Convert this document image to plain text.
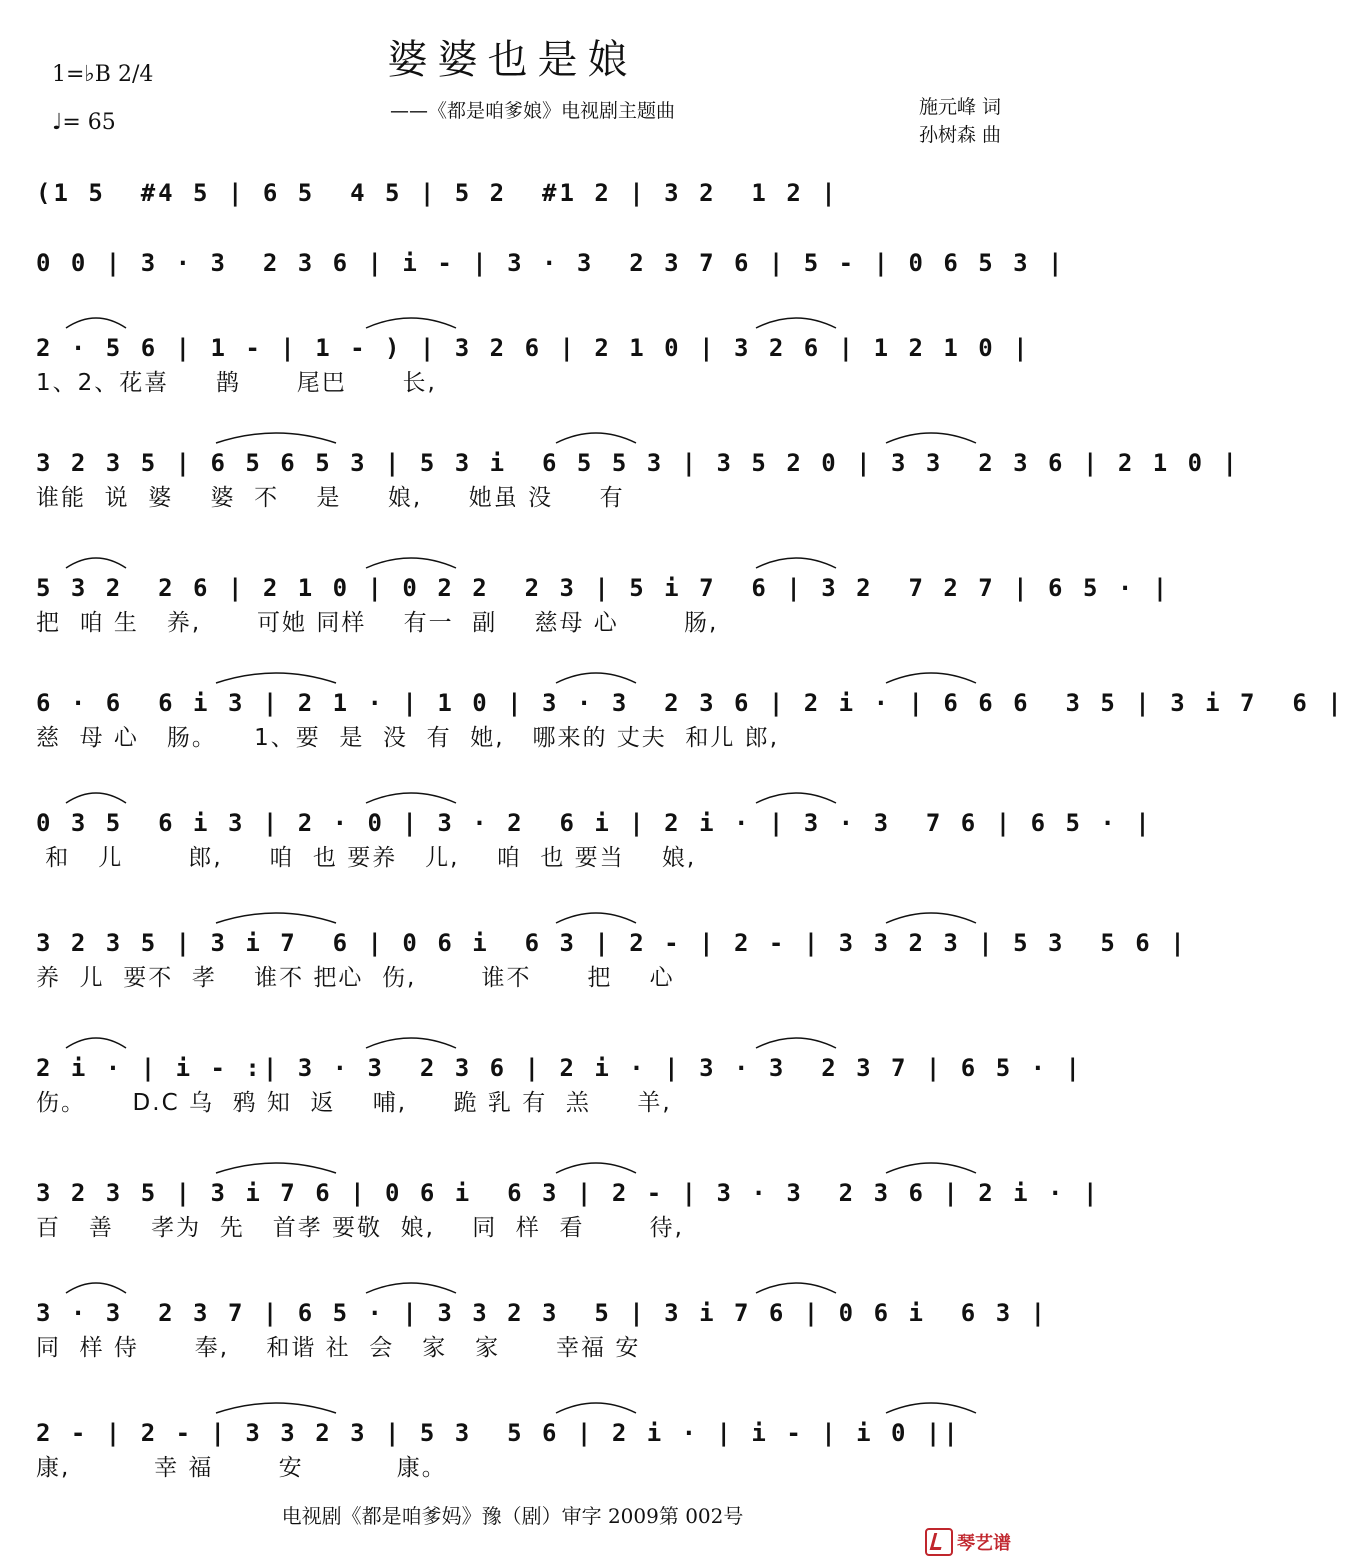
婆婆也是娘
1=♭B 2/4
♩= 65	——《都是咱爹娘》电视剧主题曲	施元峰 词
孙树森 曲
(1 5  #4 5 | 6 5  4 5 | 5 2  #1 2 | 3 2  1 2 |
0 0 | 3 · 3  2 3 6 | i - | 3 · 3  2 3 7 6 | 5 - | 0 6 5 3 |
2 · 5 6 | 1 - | 1 - ) | 3 2 6 | 2 1 0 | 3 2 6 | 1 2 1 0 |
1、2、花喜     鹊      尾巴      长,
3 2 3 5 | 6 5 6 5 3 | 5 3 i  6 5 5 3 | 3 5 2 0 | 3 3  2 3 6 | 2 1 0 |
谁能  说  婆    婆  不    是     娘,     她虽 没     有
5 3 2  2 6 | 2 1 0 | 0 2 2  2 3 | 5 i 7  6 | 3 2  7 2 7 | 6 5 · |
把  咱 生   养,      可她 同样    有一  副    慈母 心       肠,
6 · 6  6 i 3 | 2 1 · | 1 0 | 3 · 3  2 3 6 | 2 i · | 6 6 6  3 5 | 3 i 7  6 |
慈  母 心   肠。    1、要  是  没  有  她,   哪来的 丈夫  和儿 郎,
0 3 5  6 i 3 | 2 · 0 | 3 · 2  6 i | 2 i · | 3 · 3  7 6 | 6 5 · |
和   儿       郎,     咱  也 要养   儿,    咱  也 要当    娘,
3 2 3 5 | 3 i 7  6 | 0 6 i  6 3 | 2 - | 2 - | 3 3 2 3 | 5 3  5 6 |
养  儿  要不  孝    谁不 把心  伤,       谁不      把    心
2 i · | i - :| 3 · 3  2 3 6 | 2 i · | 3 · 3  2 3 7 | 6 5 · |
伤。     D.C 乌  鸦 知  返    哺,     跪 乳 有  羔     羊,
3 2 3 5 | 3 i 7 6 | 0 6 i  6 3 | 2 - | 3 · 3  2 3 6 | 2 i · |
百   善    孝为  先   首孝 要敬  娘,    同  样  看       待,
3 · 3  2 3 7 | 6 5 · | 3 3 2 3  5 | 3 i 7 6 | 0 6 i  6 3 |
同  样 侍      奉,    和谐 社  会   家   家      幸福 安
2 - | 2 - | 3 3 2 3 | 5 3  5 6 | 2 i · | i - | i 0 ||
康,         幸 福       安          康。
电视剧《都是咱爹妈》豫（剧）审字 2009第 002号
琴艺谱
